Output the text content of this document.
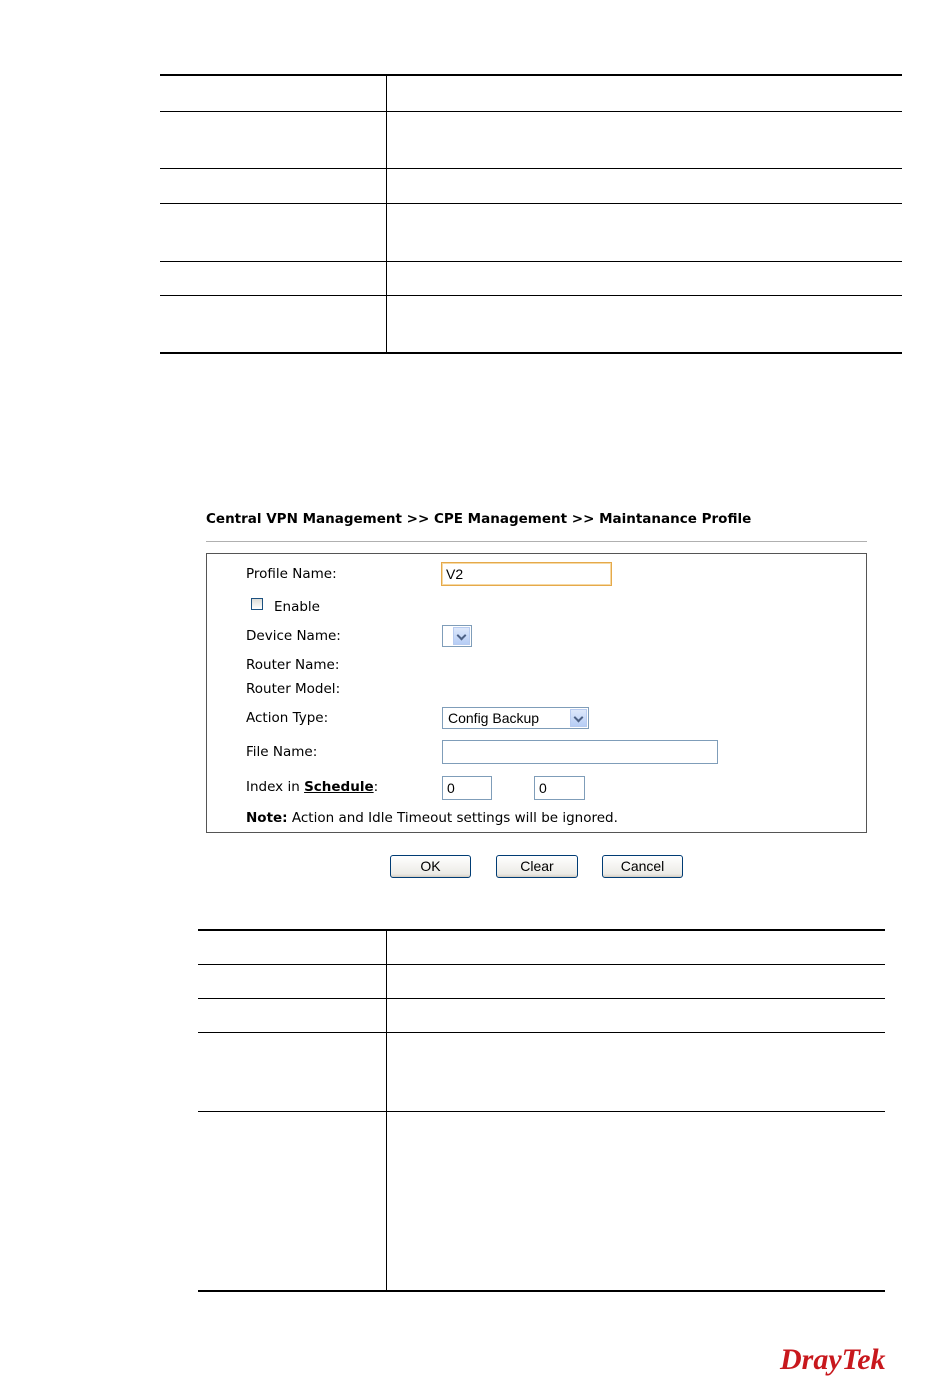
Central VPN Management >> CPE Management >> Maintanance Profile
Profile Name:	V2
Enable
Device Name:
Router Name:
Router Model:
Action Type:	Config Backup
File Name:
Index in Schedule:	0	0
Note: Action and Idle Timeout settings will be ignored.
OK	Clear	Cancel

DrayTek
